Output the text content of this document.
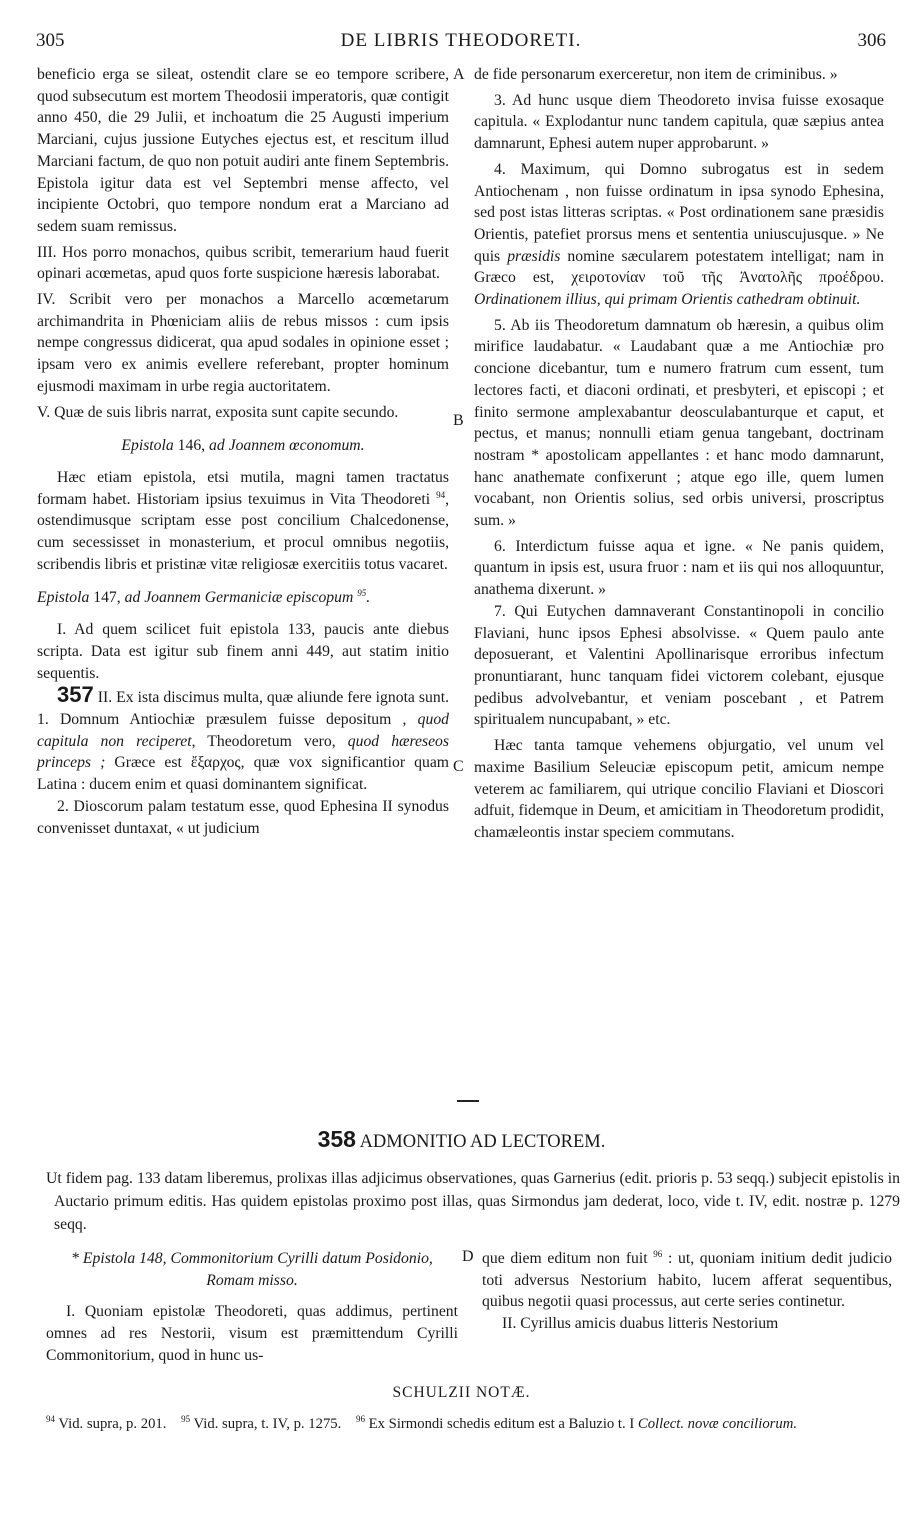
305	DE LIBRIS THEODORETI.	306
A
B
C
D

beneficio erga se sileat, ostendit clare se eo tempore scribere, quod subsecutum est mortem Theodosii imperatoris, quæ contigit anno 450, die 29 Julii, et inchoatum die 25 Augusti imperium Marciani, cujus jussione Eutyches ejectus est, et rescitum illud Marciani factum, de quo non potuit audiri ante finem Septembris. Epistola igitur data est vel Septembri mense affecto, vel incipiente Octobri, quo tempore nondum erat a Marciano ad sedem suam remissus.

III. Hos porro monachos, quibus scribit, temerarium haud fuerit opinari acœmetas, apud quos forte suspicione hæresis laborabat.

IV. Scribit vero per monachos a Marcello acœmetarum archimandrita in Phœniciam aliis de rebus missos : cum ipsis nempe congressus didicerat, qua apud sodales in opinione esset ; ipsam vero ex animis evellere referebant, propter hominum ejusmodi maximam in urbe regia auctoritatem.

V. Quæ de suis libris narrat, exposita sunt capite secundo.

Epistola 146, ad Joannem œconomum.

Hæc etiam epistola, etsi mutila, magni tamen tractatus formam habet. Historiam ipsius texuimus in Vita Theodoreti $^{94}$, ostendimusque scriptam esse post concilium Chalcedonense, cum secessisset in monasterium, et procul omnibus negotiis, scribendis libris et pristinæ vitæ religiosæ exercitiis totus vacaret.

Epistola 147, ad Joannem Germaniciæ episcopum $^{95}$.

I. Ad quem scilicet fuit epistola 133, paucis ante diebus scripta. Data est igitur sub finem anni 449, aut statim initio sequentis.

357 II. Ex ista discimus multa, quæ aliunde fere ignota sunt. 1. Domnum Antiochiæ præsulem fuisse depositum , quod capitula non reciperet, Theodoretum vero, quod hæreseos princeps ; Græce est ἔξαρχος, quæ vox significantior quam Latina : ducem enim et quasi dominantem significat.

2. Dioscorum palam testatum esse, quod Ephesina II synodus convenisset duntaxat, « ut judicium

de fide personarum exerceretur, non item de criminibus. »

3. Ad hunc usque diem Theodoreto invisa fuisse exosaque capitula. « Explodantur nunc tandem capitula, quæ sæpius antea damnarunt, Ephesi autem nuper approbarunt. »

4. Maximum, qui Domno subrogatus est in sedem Antiochenam , non fuisse ordinatum in ipsa synodo Ephesina, sed post istas litteras scriptas. « Post ordinationem sane præsidis Orientis, patefiet prorsus mens et sententia uniuscujusque. » Ne quis præsidis nomine sæcularem potestatem intelligat; nam in Græco est, χειροτονίαν τοῦ τῆς Ἀνατολῆς προέδρου. Ordinationem illius, qui primam Orientis cathedram obtinuit.

5. Ab iis Theodoretum damnatum ob hæresin, a quibus olim mirifice laudabatur. « Laudabant quæ a me Antiochiæ pro concione dicebantur, tum e numero fratrum cum essent, tum lectores facti, et diaconi ordinati, et presbyteri, et episcopi ; et finito sermone amplexabantur deosculabanturque et caput, et pectus, et manus; nonnulli etiam genua tangebant, doctrinam nostram * apostolicam appellantes : et hanc modo damnarunt, hanc anathemate confixerunt ; atque ego ille, quem lumen vocabant, non Orientis solius, sed orbis universi, proscriptus sum. »

6. Interdictum fuisse aqua et igne. « Ne panis quidem, quantum in ipsis est, usura fruor : nam et iis qui nos alloquuntur, anathema dixerunt. »

7. Qui Eutychen damnaverant Constantinopoli in concilio Flaviani, hunc ipsos Ephesi absolvisse. « Quem paulo ante deposuerant, et Valentini Apollinarisque erroribus infectum pronuntiarant, hunc tanquam fidei victorem colebant, ejusque pedibus advolvebantur, et veniam poscebant , et Patrem spiritualem nuncupabant, » etc.

Hæc tanta tamque vehemens objurgatio, vel unum vel maxime Basilium Seleuciæ episcopum petit, amicum nempe veterem ac familiarem, qui utrique concilio Flaviani et Dioscori adfuit, fidemque in Deum, et amicitiam in Theodoretum prodidit, chamæleontis instar speciem commutans.

358 ADMONITIO AD LECTOREM.

Ut fidem pag. 133 datam liberemus, prolixas illas adjicimus observationes, quas Garnerius (edit. prioris p. 53 seqq.) subjecit epistolis in Auctario primum editis. Has quidem epistolas proximo post illas, quas Sirmondus jam dederat, loco, vide t. IV, edit. nostræ p. 1279 seqq.

* Epistola 148, Commonitorium Cyrilli datum Posidonio, Romam misso.

I. Quoniam epistolæ Theodoreti, quas addimus, pertinent omnes ad res Nestorii, visum est præmittendum Cyrilli Commonitorium, quod in hunc us-

que diem editum non fuit $^{96}$ : ut, quoniam initium dedit judicio toti adversus Nestorium habito, lucem afferat sequentibus, quibus negotii quasi processus, aut certe series continetur.

II. Cyrillus amicis duabus litteris Nestorium

SCHULZII NOTÆ.
$^{94}$ Vid. supra, p. 201. $^{95}$ Vid. supra, t. IV, p. 1275. $^{96}$ Ex Sirmondi schedis editum est a Baluzio t. I Collect. novæ conciliorum.
